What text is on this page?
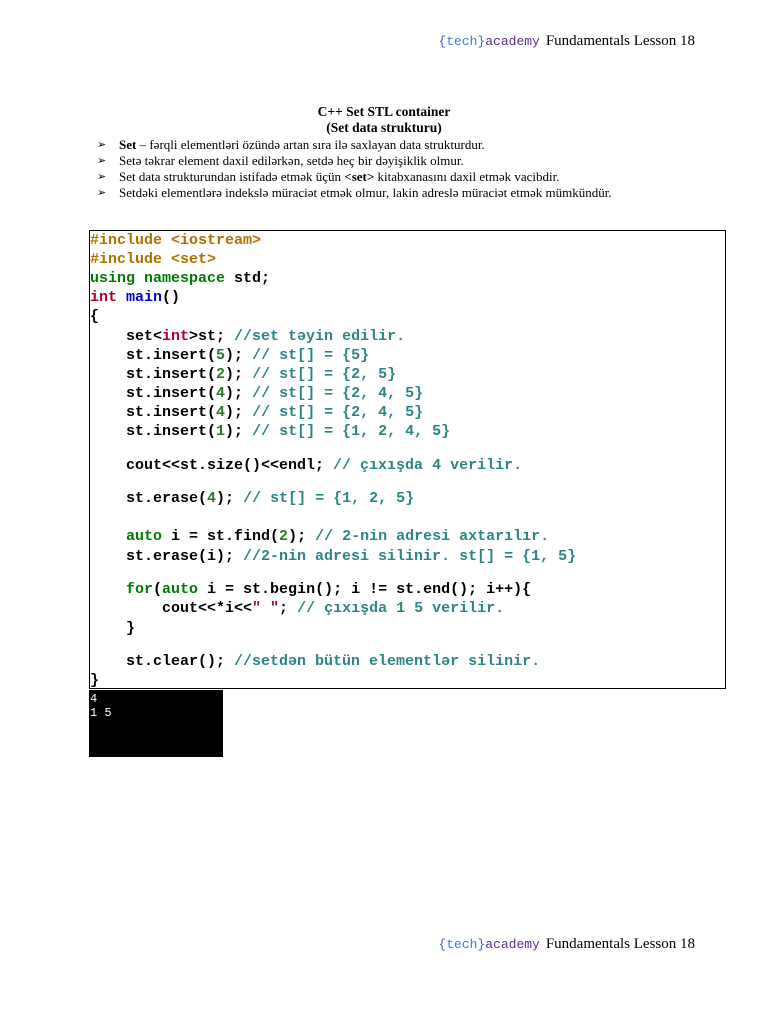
{tech}academy Fundamentals Lesson 18
C++ Set STL container
(Set data strukturu)
➢ Set – fərqli elementləri özündə artan sıra ilə saxlayan data strukturdur.
➢ Setə təkrar element daxil edilərkən, setdə heç bir dəyişiklik olmur.
➢ Set data strukturundan istifadə etmək üçün <set> kitabxanasını daxil etmək vacibdir.
➢ Setdəki elementlərə indekslə müraciət etmək olmur, lakin adreslə müraciət etmək mümkündür.
#include <iostream>
#include <set>
using namespace std;
int main()
{
set<int>st; //set təyin edilir.
st.insert(5); // st[] = {5}
st.insert(2); // st[] = {2, 5}
st.insert(4); // st[] = {2, 4, 5}
st.insert(4); // st[] = {2, 4, 5}
st.insert(1); // st[] = {1, 2, 4, 5}
cout<<st.size()<<endl; // çıxışda 4 verilir.
st.erase(4); // st[] = {1, 2, 5}
auto i = st.find(2); // 2-nin adresi axtarılır.
st.erase(i); //2-nin adresi silinir. st[] = {1, 5}
for(auto i = st.begin(); i != st.end(); i++){
cout<<*i<<" "; // çıxışda 1 5 verilir.
}
st.clear(); //setdən bütün elementlər silinir.
}
4
1 5
{tech}academy Fundamentals Lesson 18
